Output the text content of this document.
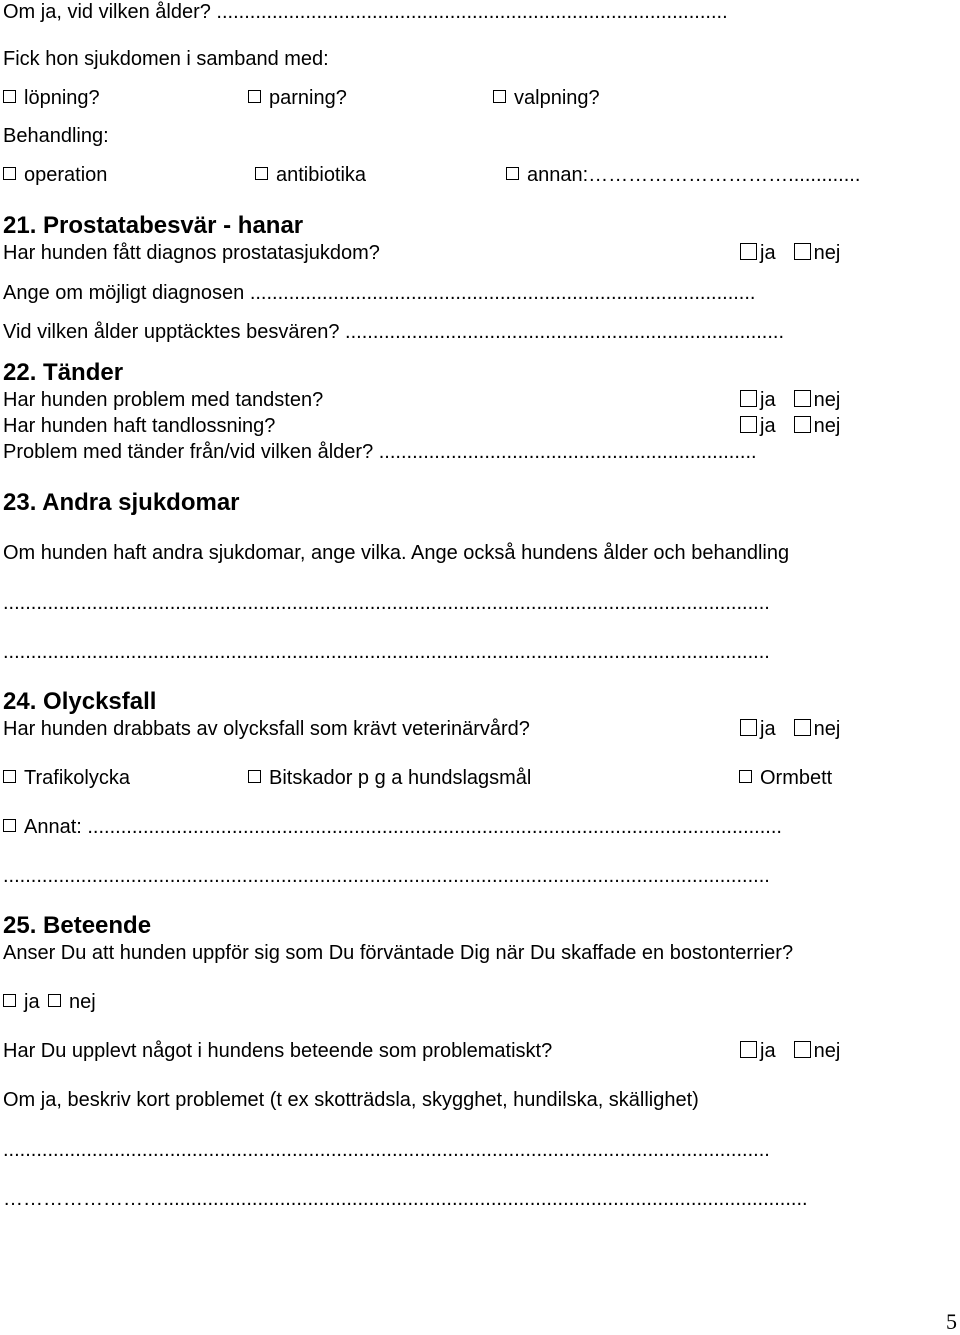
Om ja, vid vilken ålder? ............................................................................................
Fick hon sjukdomen i samband med:
löpning?	parning?	valpning?
Behandling:
operation	antibiotika	annan:………………………….............
21. Prostatabesvär - hanar
Har hunden fått diagnos prostatasjukdom?	ja nej
Ange om möjligt diagnosen ...........................................................................................
Vid vilken ålder upptäcktes besvären? ...............................................................................
22. Tänder
Har hunden problem med tandsten?	ja nej
Har hunden haft tandlossning?	ja nej
Problem med tänder från/vid vilken ålder? ....................................................................
23. Andra sjukdomar
Om hunden haft andra sjukdomar, ange vilka. Ange också hundens ålder och behandling
..........................................................................................................................................
..........................................................................................................................................
24. Olycksfall
Har hunden drabbats av olycksfall som krävt veterinärvård?	ja nej
Trafikolycka	Bitskador p g a hundslagsmål	Ormbett
Annat: .............................................................................................................................
..........................................................................................................................................
25. Beteende
Anser Du att hunden uppför sig som Du förväntade Dig när Du skaffade en bostonterrier?
ja	nej
Har Du upplevt något i hundens beteende som problematiskt?	ja nej
Om ja, beskriv kort problemet (t ex skotträdsla, skygghet, hundilska, skällighet)
..........................................................................................................................................
……………………....................................................................................................................
5
